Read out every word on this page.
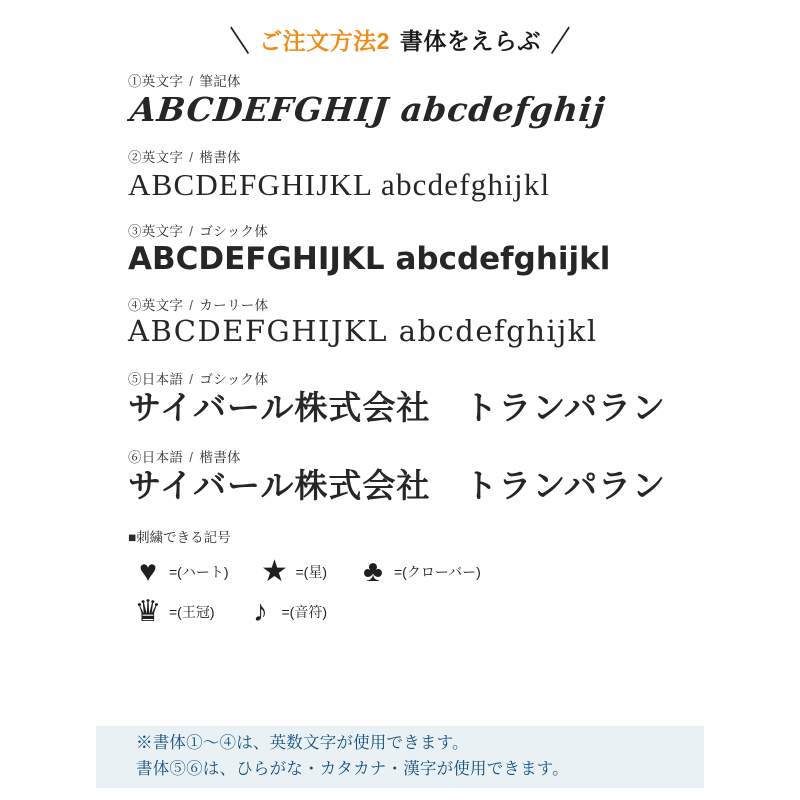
＼ ご注文方法2 書体をえらぶ ／
①英文字 / 筆記体
ABCDEFGHIJ abcdefghij
②英文字 / 楷書体
ABCDEFGHIJKL abcdefghijkl
③英文字 / ゴシック体
ABCDEFGHIJKL abcdefghijkl
④英文字 / カーリー体
ABCDEFGHIJKL abcdefghijkl
⑤日本語 / ゴシック体
サイバール株式会社　トランパラン
⑥日本語 / 楷書体
サイバール株式会社　トランパラン
■刺繍できる記号
♥ =(ハート) ★ =(星)	♣ =(クローバー)
♛ =(王冠)	♪ =(音符)
※書体①〜④は、英数文字が使用できます。
書体⑤⑥は、ひらがな・カタカナ・漢字が使用できます。
